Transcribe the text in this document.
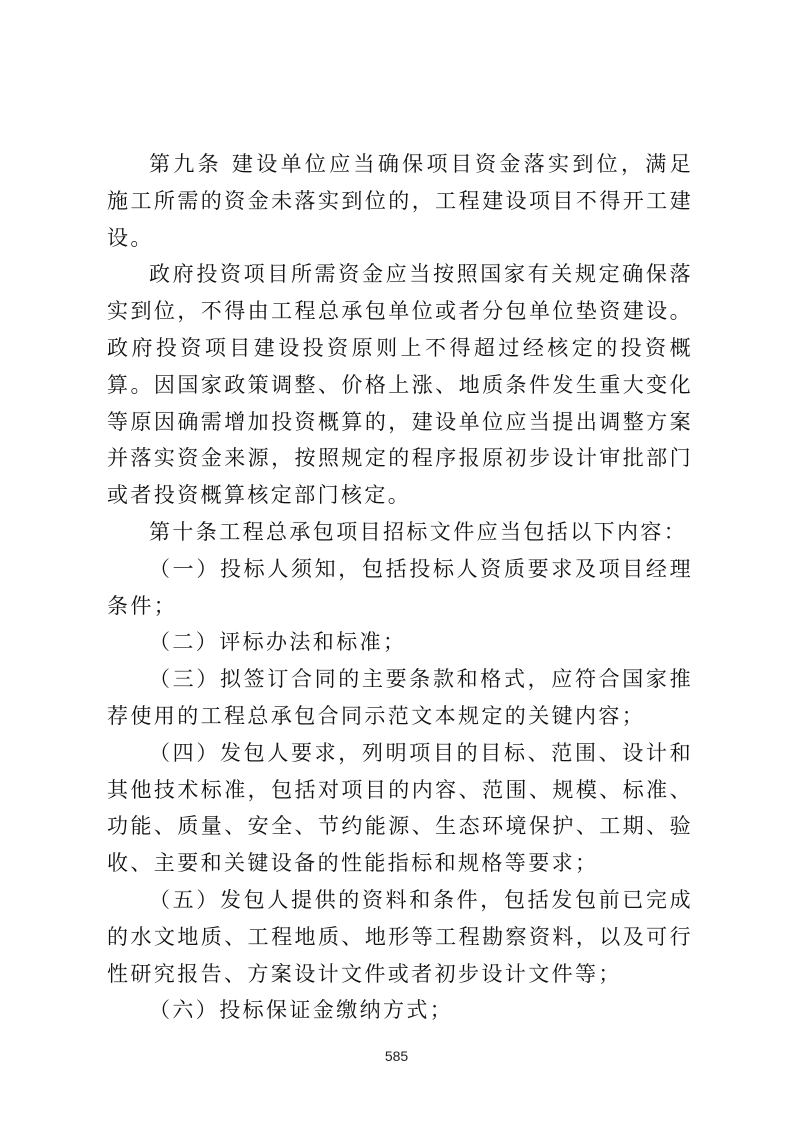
第九条 建设单位应当确保项目资金落实到位，满足施工所需的资金未落实到位的，工程建设项目不得开工建设。

政府投资项目所需资金应当按照国家有关规定确保落实到位，不得由工程总承包单位或者分包单位垫资建设。政府投资项目建设投资原则上不得超过经核定的投资概算。因国家政策调整、价格上涨、地质条件发生重大变化等原因确需增加投资概算的，建设单位应当提出调整方案并落实资金来源，按照规定的程序报原初步设计审批部门或者投资概算核定部门核定。

第十条工程总承包项目招标文件应当包括以下内容：

（一）投标人须知，包括投标人资质要求及项目经理条件；

（二）评标办法和标准；

（三）拟签订合同的主要条款和格式，应符合国家推荐使用的工程总承包合同示范文本规定的关键内容；

（四）发包人要求，列明项目的目标、范围、设计和其他技术标准，包括对项目的内容、范围、规模、标准、功能、质量、安全、节约能源、生态环境保护、工期、验收、主要和关键设备的性能指标和规格等要求；

（五）发包人提供的资料和条件，包括发包前已完成的水文地质、工程地质、地形等工程勘察资料，以及可行性研究报告、方案设计文件或者初步设计文件等；

（六）投标保证金缴纳方式；

585
